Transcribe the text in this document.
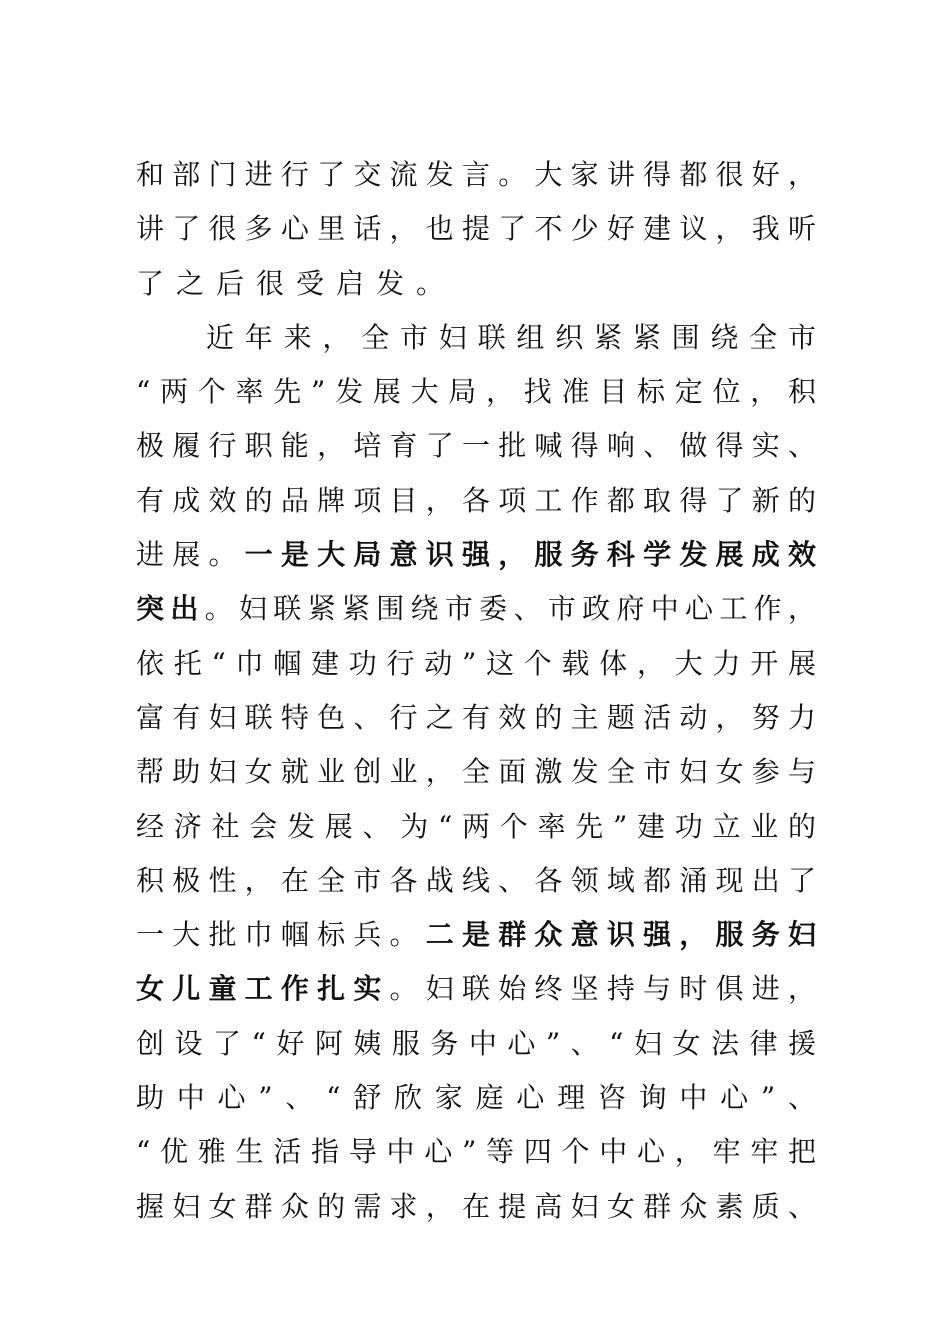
和部门进行了交流发言。大家讲得都很好，
讲了很多心里话，也提了不少好建议，我听
了之后很受启发。
近年来，全市妇联组织紧紧围绕全市
“两个率先”发展大局，找准目标定位，积
极履行职能，培育了一批喊得响、做得实、
有成效的品牌项目，各项工作都取得了新的
进展。一是大局意识强，服务科学发展成效
突出。妇联紧紧围绕市委、市政府中心工作，
依托“巾帼建功行动”这个载体，大力开展
富有妇联特色、行之有效的主题活动，努力
帮助妇女就业创业，全面激发全市妇女参与
经济社会发展、为“两个率先”建功立业的
积极性，在全市各战线、各领域都涌现出了
一大批巾帼标兵。二是群众意识强，服务妇
女儿童工作扎实。妇联始终坚持与时俱进，
创设了“好阿姨服务中心”、“妇女法律援
助中心”、“舒欣家庭心理咨询中心”、
“优雅生活指导中心”等四个中心，牢牢把
握妇女群众的需求，在提高妇女群众素质、
